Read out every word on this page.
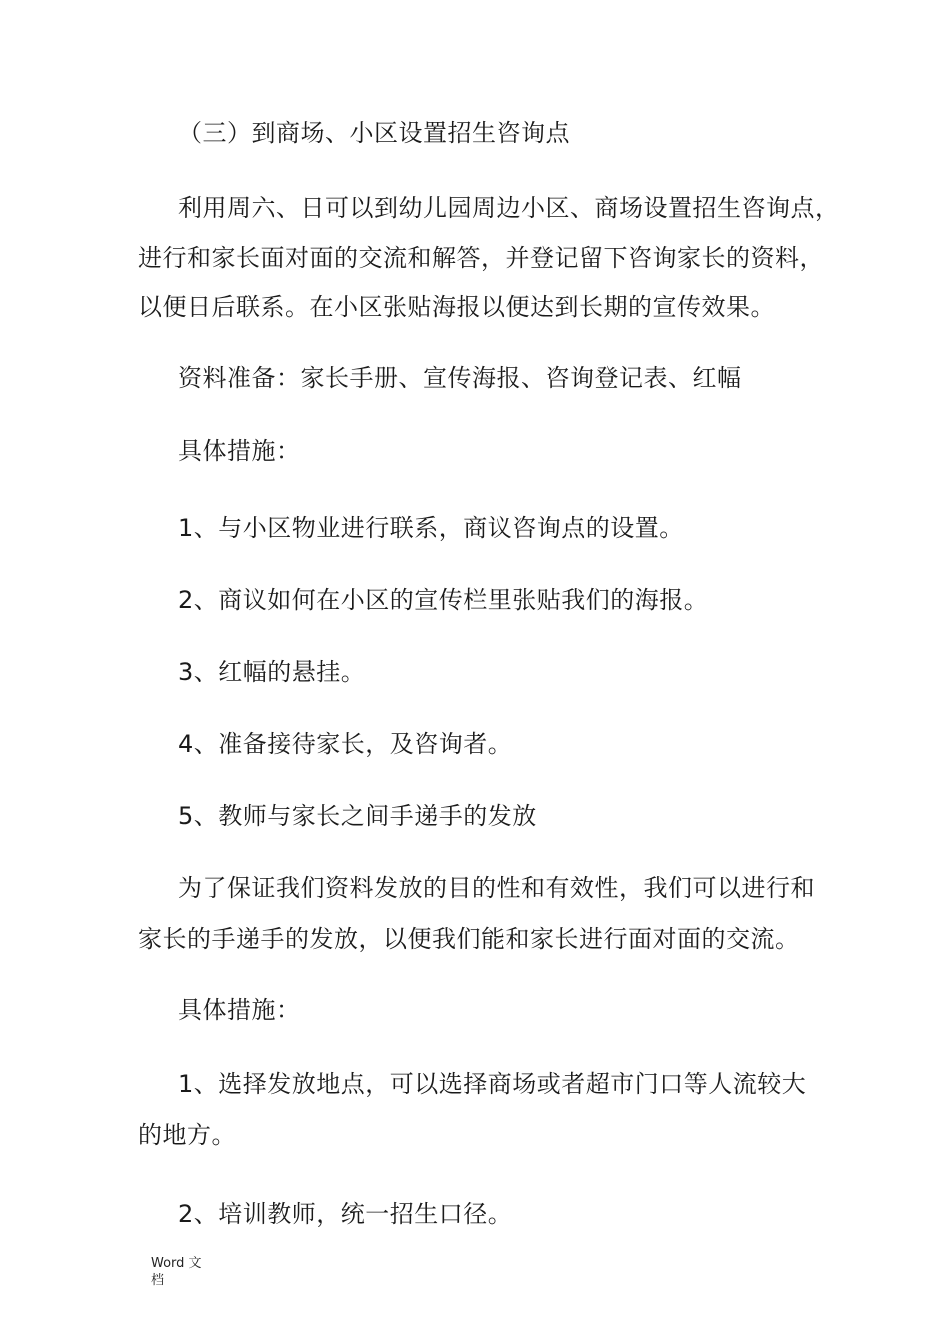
（三）到商场、小区设置招生咨询点
利用周六、日可以到幼儿园周边小区、商场设置招生咨询点，
进行和家长面对面的交流和解答，并登记留下咨询家长的资料，
以便日后联系。在小区张贴海报以便达到长期的宣传效果。
资料准备：家长手册、宣传海报、咨询登记表、红幅
具体措施：
1、与小区物业进行联系，商议咨询点的设置。
2、商议如何在小区的宣传栏里张贴我们的海报。
3、红幅的悬挂。
4、准备接待家长，及咨询者。
5、教师与家长之间手递手的发放
为了保证我们资料发放的目的性和有效性，我们可以进行和
家长的手递手的发放，以便我们能和家长进行面对面的交流。
具体措施：
1、选择发放地点，可以选择商场或者超市门口等人流较大
的地方。
2、培训教师，统一招生口径。
Word 文
档
